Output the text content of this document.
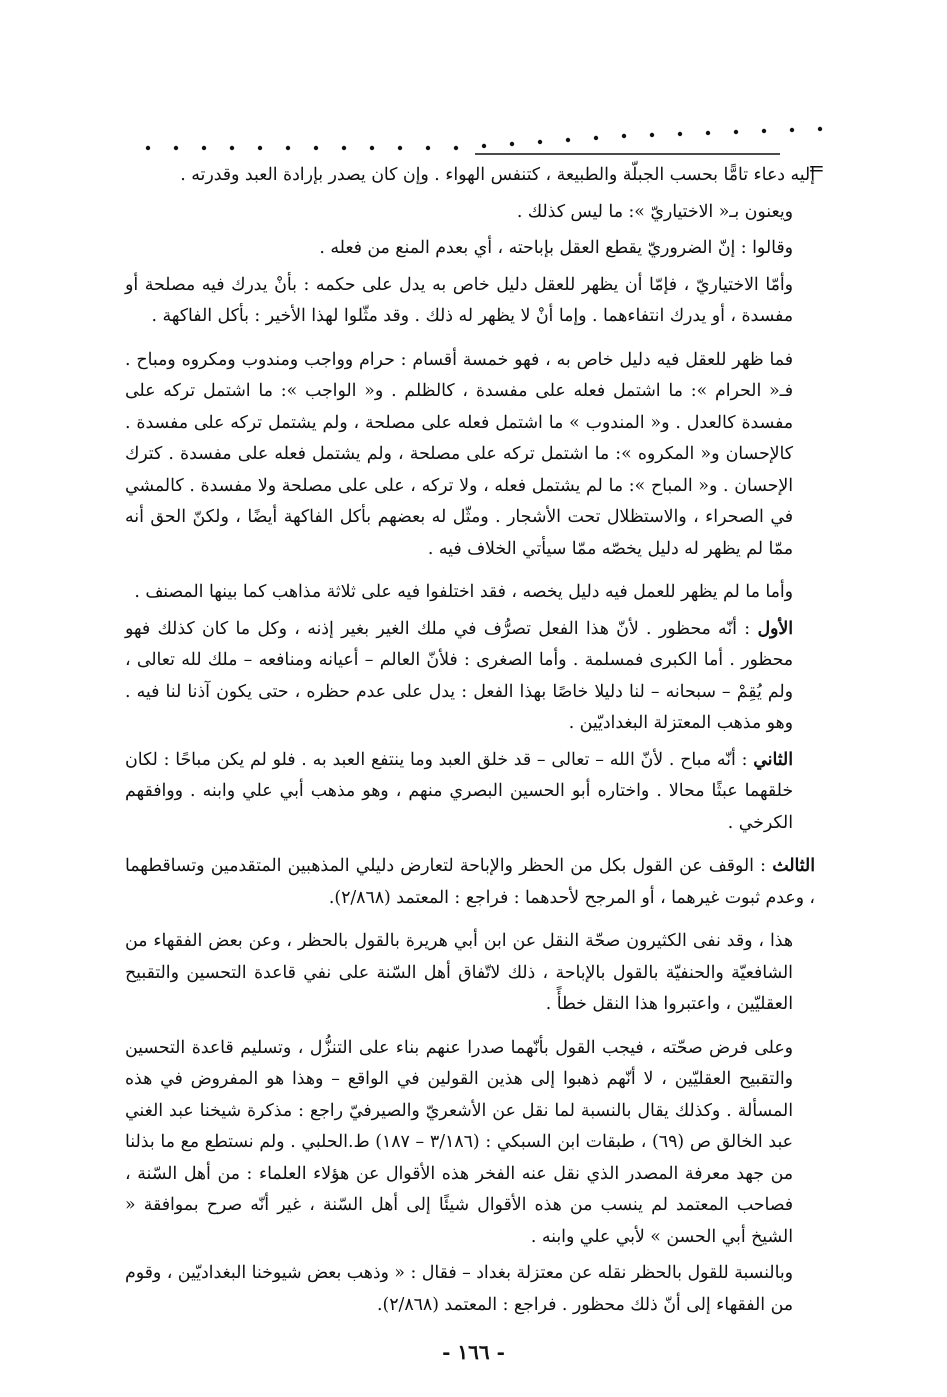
=

إليه دعاء تامًّا بحسب الجبلّة والطبيعة ، كتنفس الهواء . وإن كان يصدر بإرادة العبد وقدرته .

ويعنون بـ« الاختياريّ »: ما ليس كذلك .

وقالوا : إنّ الضروريّ يقطع العقل بإباحته ، أي بعدم المنع من فعله .

وأمّا الاختياريّ ، فإمّا أن يظهر للعقل دليل خاص به يدل على حكمه : بأنْ يدرك فيه مصلحة أو مفسدة ، أو يدرك انتفاءهما . وإما أنْ لا يظهر له ذلك . وقد مثّلوا لهذا الأخير : بأكل الفاكهة .

فما ظهر للعقل فيه دليل خاص به ، فهو خمسة أقسام : حرام وواجب ومندوب ومكروه ومباح . فـ« الحرام »: ما اشتمل فعله على مفسدة ، كالظلم . و« الواجب »: ما اشتمل تركه على مفسدة كالعدل . و« المندوب » ما اشتمل فعله على مصلحة ، ولم يشتمل تركه على مفسدة . كالإحسان و« المكروه »: ما اشتمل تركه على مصلحة ، ولم يشتمل فعله على مفسدة . كترك الإحسان . و« المباح »: ما لم يشتمل فعله ، ولا تركه ، على على مصلحة ولا مفسدة . كالمشي في الصحراء ، والاستظلال تحت الأشجار . ومثّل له بعضهم بأكل الفاكهة أيضًا ، ولكنّ الحق أنه ممّا لم يظهر له دليل يخصّه ممّا سيأتي الخلاف فيه .

وأما ما لم يظهر للعمل فيه دليل يخصه ، فقد اختلفوا فيه على ثلاثة مذاهب كما بينها المصنف .

الأول : أنّه محظور . لأنّ هذا الفعل تصرُّف في ملك الغير بغير إذنه ، وكل ما كان كذلك فهو محظور . أما الكبرى فمسلمة . وأما الصغرى : فلأنّ العالم – أعيانه ومنافعه – ملك لله تعالى ، ولم يُقِمْ – سبحانه – لنا دليلا خاصًا بهذا الفعل : يدل على عدم حظره ، حتى يكون آذنا لنا فيه . وهو مذهب المعتزلة البغداديّين .

الثاني : أنّه مباح . لأنّ الله – تعالى – قد خلق العبد وما ينتفع العبد به . فلو لم يكن مباحًا : لكان خلقهما عبثًا محالا . واختاره أبو الحسين البصري منهم ، وهو مذهب أبي علي وابنه . ووافقهم الكرخي .

الثالث : الوقف عن القول بكل من الحظر والإباحة لتعارض دليلي المذهبين المتقدمين وتساقطهما ، وعدم ثبوت غيرهما ، أو المرجح لأحدهما : فراجع : المعتمد (٢/٨٦٨).

هذا ، وقد نفى الكثيرون صحّة النقل عن ابن أبي هريرة بالقول بالحظر ، وعن بعض الفقهاء من الشافعيّة والحنفيّة بالقول بالإباحة ، ذلك لاتّفاق أهل السّنة على نفي قاعدة التحسين والتقبيح العقليّين ، واعتبروا هذا النقل خطأً .

وعلى فرض صحّته ، فيجب القول بأنّهما صدرا عنهم بناء على التنزُّل ، وتسليم قاعدة التحسين والتقبيح العقليّين ، لا أنّهم ذهبوا إلى هذين القولين في الواقع – وهذا هو المفروض في هذه المسألة . وكذلك يقال بالنسبة لما نقل عن الأشعريّ والصيرفيّ راجع : مذكرة شيخنا عبد الغني عبد الخالق ص (٦٩) ، طبقات ابن السبكي : (٣/١٨٦ – ١٨٧) ط.الحلبي . ولم نستطع مع ما بذلنا من جهد معرفة المصدر الذي نقل عنه الفخر هذه الأقوال عن هؤلاء العلماء : من أهل السّنة ، فصاحب المعتمد لم ينسب من هذه الأقوال شيئًا إلى أهل السّنة ، غير أنّه صرح بموافقة « الشيخ أبي الحسن » لأبي علي وابنه .

وبالنسبة للقول بالحظر نقله عن معتزلة بغداد – فقال : « وذهب بعض شيوخنا البغداديّين ، وقوم من الفقهاء إلى أنّ ذلك محظور . فراجع : المعتمد (٢/٨٦٨).

- ١٦٦ -
